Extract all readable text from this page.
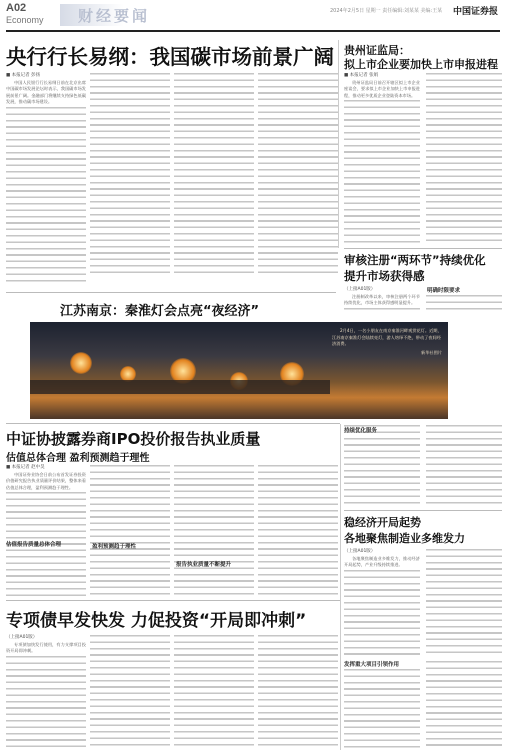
A02
Economy 财经要闻	2024年2月5日 星期一 责任编辑:刘某某 美编:王某 中国证券报
央行行长易纲：我国碳市场前景广阔
■ 本报记者 彭扬
中国人民银行行长易纲日前在北京出席中国碳市场发展论坛时表示，我国碳市场发展前景广阔。金融部门将继续支持绿色低碳发展，推动碳市场建设。
贵州证监局：
拟上市企业要加快上市申报进程
■ 本报记者 张娟
贵州证监局日前召开辖区拟上市企业座谈会，要求拟上市企业加快上市申报进程，推动更多优质企业登陆资本市场。
审核注册“两环节”持续优化
提升市场获得感
明确时限要求
（上接A01版）
注册制改革以来，审核注册两个环节持续优化，市场主体获得感明显提升。
江苏南京：秦淮灯会点亮“夜经济”
2月4日，一名小朋友在南京秦淮河畔观赏花灯。近期，江苏南京秦淮灯会陆续亮灯，游人络绎不绝，带动了夜间经济消费。
新华社图片
持续优化服务
中证协披露券商IPO投价报告执业质量
估值总体合理 盈利预测趋于理性
■ 本报记者 赵中昊
中国证券业协会日前公布首发证券投资价值研究报告执业质量评价结果，整体来看估值总体合理，盈利预测趋于理性。
估值报告质量总体合理	盈利预测趋于理性
报告执业质量不断提升
稳经济开局起势
各地聚焦制造业多维发力
（上接A01版）
各地聚焦制造业多维发力，推动经济开局起势，产业升级持续推进。
发挥重大项目引领作用
专项债早发快发 力促投资“开局即冲刺”
（上接A01版）
专项债加快发行使用，有力支撑项目投资开局即冲刺。
